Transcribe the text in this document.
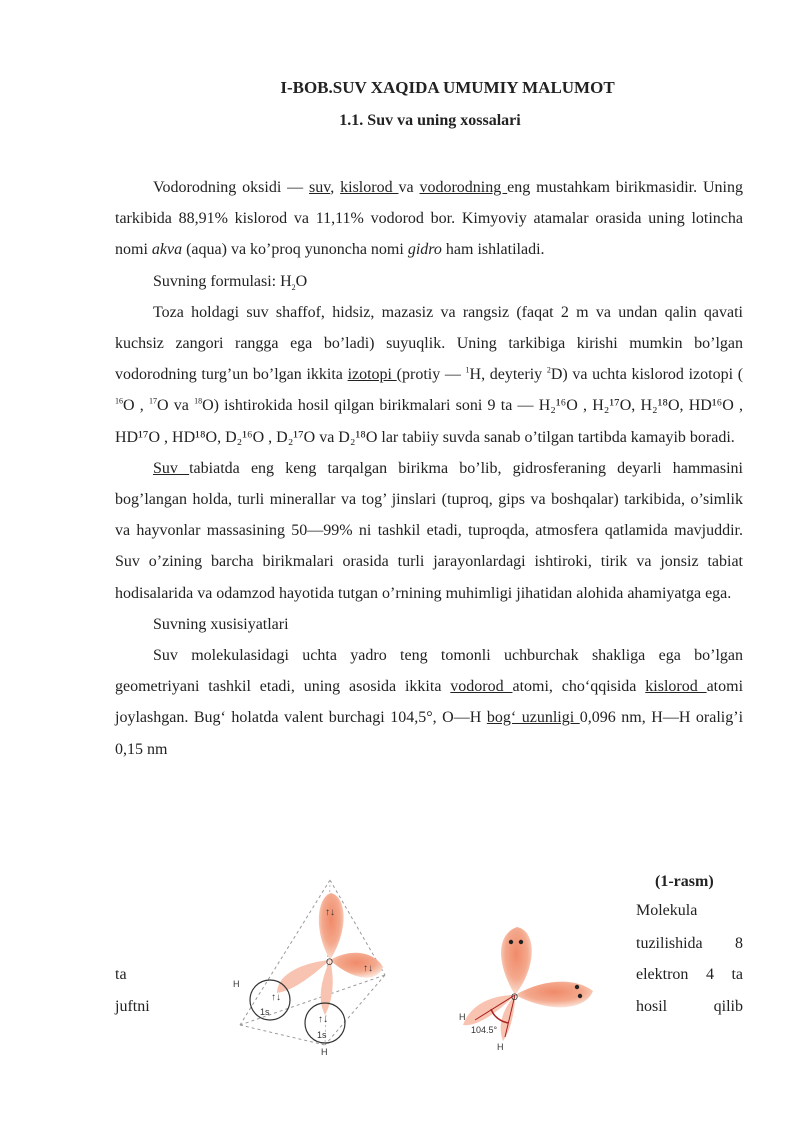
I-BOB.SUV XAQIDA UMUMIY MALUMOT
1.1. Suv va uning xossalari

Vodorodning oksidi — suv, kislorod va vodorodning eng mustahkam birikmasidir. Uning tarkibida 88,91% kislorod va 11,11% vodorod bor. Kimyoviy atamalar orasida uning lotincha nomi akva (aqua) va ko’proq yunoncha nomi gidro ham ishlatiladi.

Suvning formulasi: $H_2O$

Toza holdagi suv shaffof, hidsiz, mazasiz va rangsiz (faqat 2 m va undan qalin qavati kuchsiz zangori rangga ega bo’ladi) suyuqlik. Uning tarkibiga kirishi mumkin bo’lgan vodorodning turg’un bo’lgan ikkita izotopi (protiy — $^1$H, deyteriy $^2$D) va uchta kislorod izotopi ( $^{16}$O , $^{17}$O va $^{18}$O) ishtirokida hosil qilgan birikmalari soni 9 ta — H₂¹⁶O , H₂¹⁷O, H₂¹⁸O, HD¹⁶O , HD¹⁷O , HD¹⁸O, D₂¹⁶O , D₂¹⁷O va D₂¹⁸O lar tabiiy suvda sanab o’tilgan tartibda kamayib boradi.

Suv tabiatda eng keng tarqalgan birikma bo’lib, gidrosferaning deyarli hammasini bog’langan holda, turli minerallar va tog’ jinslari (tuproq, gips va boshqalar) tarkibida, o’simlik va hayvonlar massasining 50—99% ni tashkil etadi, tuproqda, atmosfera qatlamida mavjuddir. Suv o’zining barcha birikmalari orasida turli jarayonlardagi ishtiroki, tirik va jonsiz tabiat hodisalarida va odamzod hayotida tutgan o’rnining muhimligi jihatidan alohida ahamiyatga ega.

Suvning xusisiyatlari

Suv molekulasidagi uchta yadro teng tomonli uchburchak shakliga ega bo’lgan geometriyani tashkil etadi, uning asosida ikkita vodorod atomi, cho‘qqisida kislorod atomi joylashgan. Bug‘ holatda valent burchagi 104,5°, O—H bog‘ uzunligi 0,096 nm, H—H oralig’i 0,15 nm

(1-rasm)
Molekula
tuzilishida 8
elektron 4 ta
hosil qilib
ta
juftni
↑↓
↑↓
↑↓
↑↓
O
H
1s
1s
H
O
H
H
104.5°
